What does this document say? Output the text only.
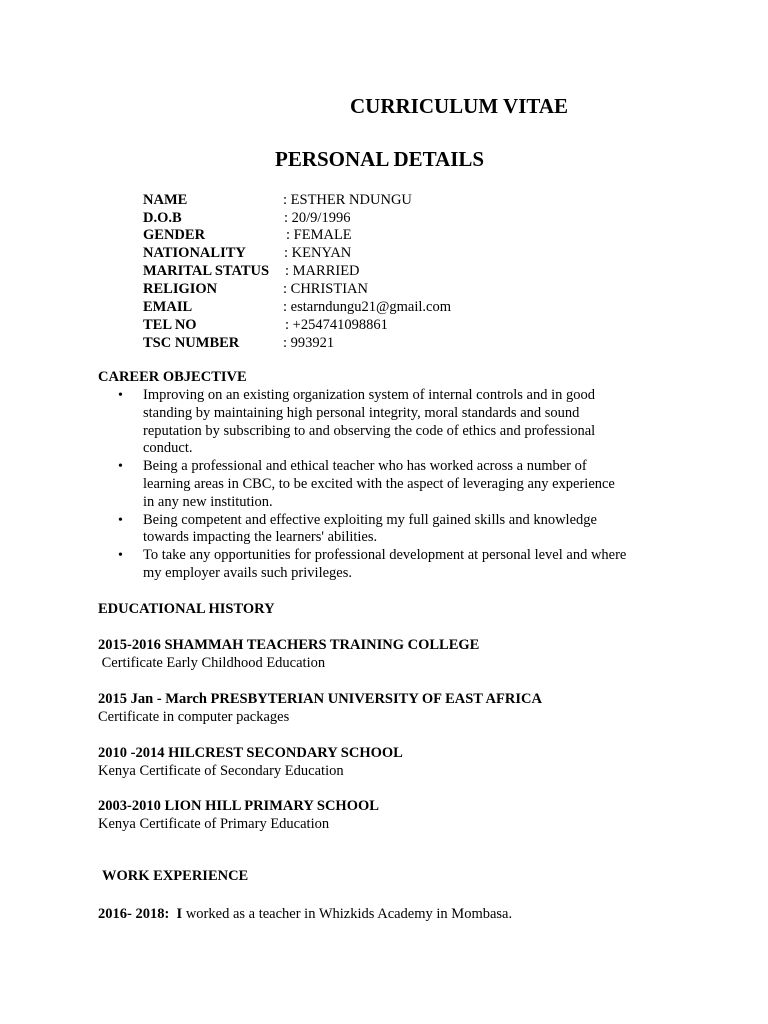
CURRICULUM VITAE
PERSONAL DETAILS
NAME	: ESTHER NDUNGU
D.O.B	: 20/9/1996
GENDER	: FEMALE
NATIONALITY	: KENYAN
MARITAL STATUS : MARRIED
RELIGION	: CHRISTIAN
EMAIL	: estarndungu21@gmail.com
TEL NO	: +254741098861
TSC NUMBER	: 993921
CAREER OBJECTIVE
• Improving on an existing organization system of internal controls and in good standing by maintaining high personal integrity, moral standards and sound reputation by subscribing to and observing the code of ethics and professional conduct.
• Being a professional and ethical teacher who has worked across a number of learning areas in CBC, to be excited with the aspect of leveraging any experience in any new institution.
• Being competent and effective exploiting my full gained skills and knowledge towards impacting the learners' abilities.
• To take any opportunities for professional development at personal level and where my employer avails such privileges.
EDUCATIONAL HISTORY
2015-2016 SHAMMAH TEACHERS TRAINING COLLEGE
Certificate Early Childhood Education
2015 Jan - March PRESBYTERIAN UNIVERSITY OF EAST AFRICA
Certificate in computer packages
2010 -2014 HILCREST SECONDARY SCHOOL
Kenya Certificate of Secondary Education
2003-2010 LION HILL PRIMARY SCHOOL
Kenya Certificate of Primary Education
WORK EXPERIENCE
2016- 2018: I worked as a teacher in Whizkids Academy in Mombasa.
